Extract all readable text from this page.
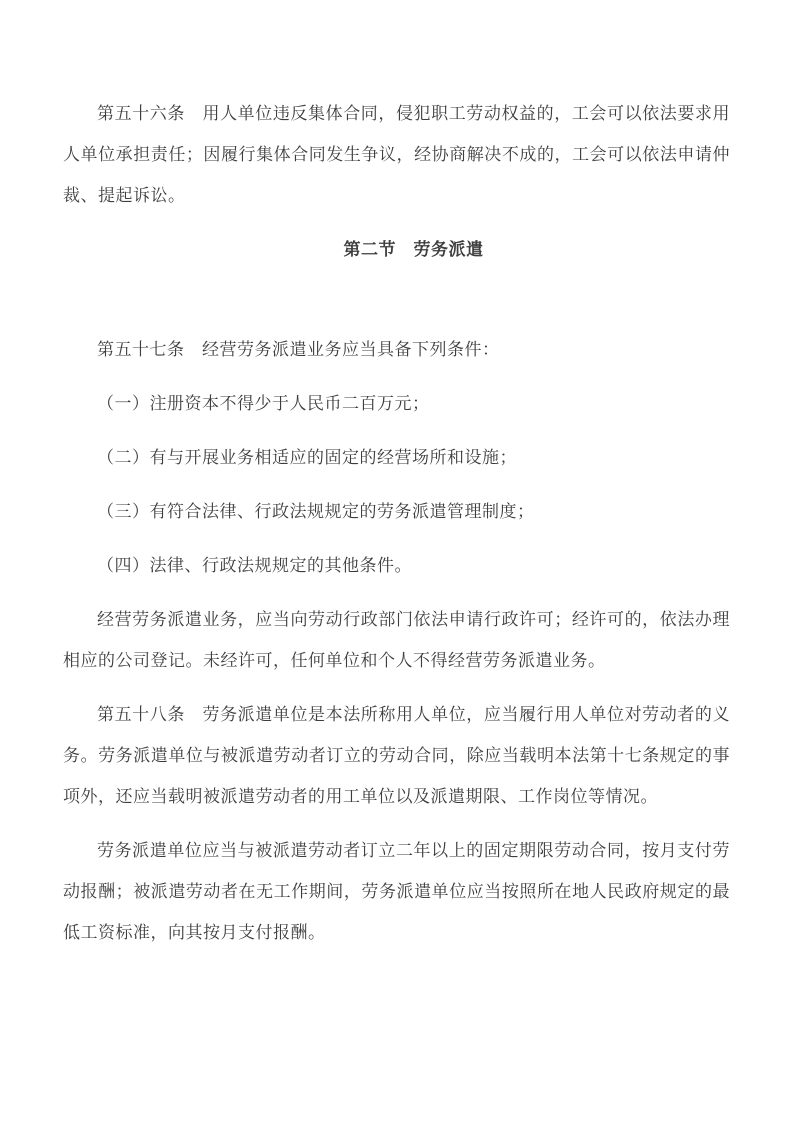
第五十六条　用人单位违反集体合同，侵犯职工劳动权益的，工会可以依法要求用人单位承担责任；因履行集体合同发生争议，经协商解决不成的，工会可以依法申请仲裁、提起诉讼。

第二节　劳务派遣

第五十七条　经营劳务派遣业务应当具备下列条件：

（一）注册资本不得少于人民币二百万元；

（二）有与开展业务相适应的固定的经营场所和设施；

（三）有符合法律、行政法规规定的劳务派遣管理制度；

（四）法律、行政法规规定的其他条件。

经营劳务派遣业务，应当向劳动行政部门依法申请行政许可；经许可的，依法办理相应的公司登记。未经许可，任何单位和个人不得经营劳务派遣业务。

第五十八条　劳务派遣单位是本法所称用人单位，应当履行用人单位对劳动者的义务。劳务派遣单位与被派遣劳动者订立的劳动合同，除应当载明本法第十七条规定的事项外，还应当载明被派遣劳动者的用工单位以及派遣期限、工作岗位等情况。

劳务派遣单位应当与被派遣劳动者订立二年以上的固定期限劳动合同，按月支付劳动报酬；被派遣劳动者在无工作期间，劳务派遣单位应当按照所在地人民政府规定的最低工资标准，向其按月支付报酬。
